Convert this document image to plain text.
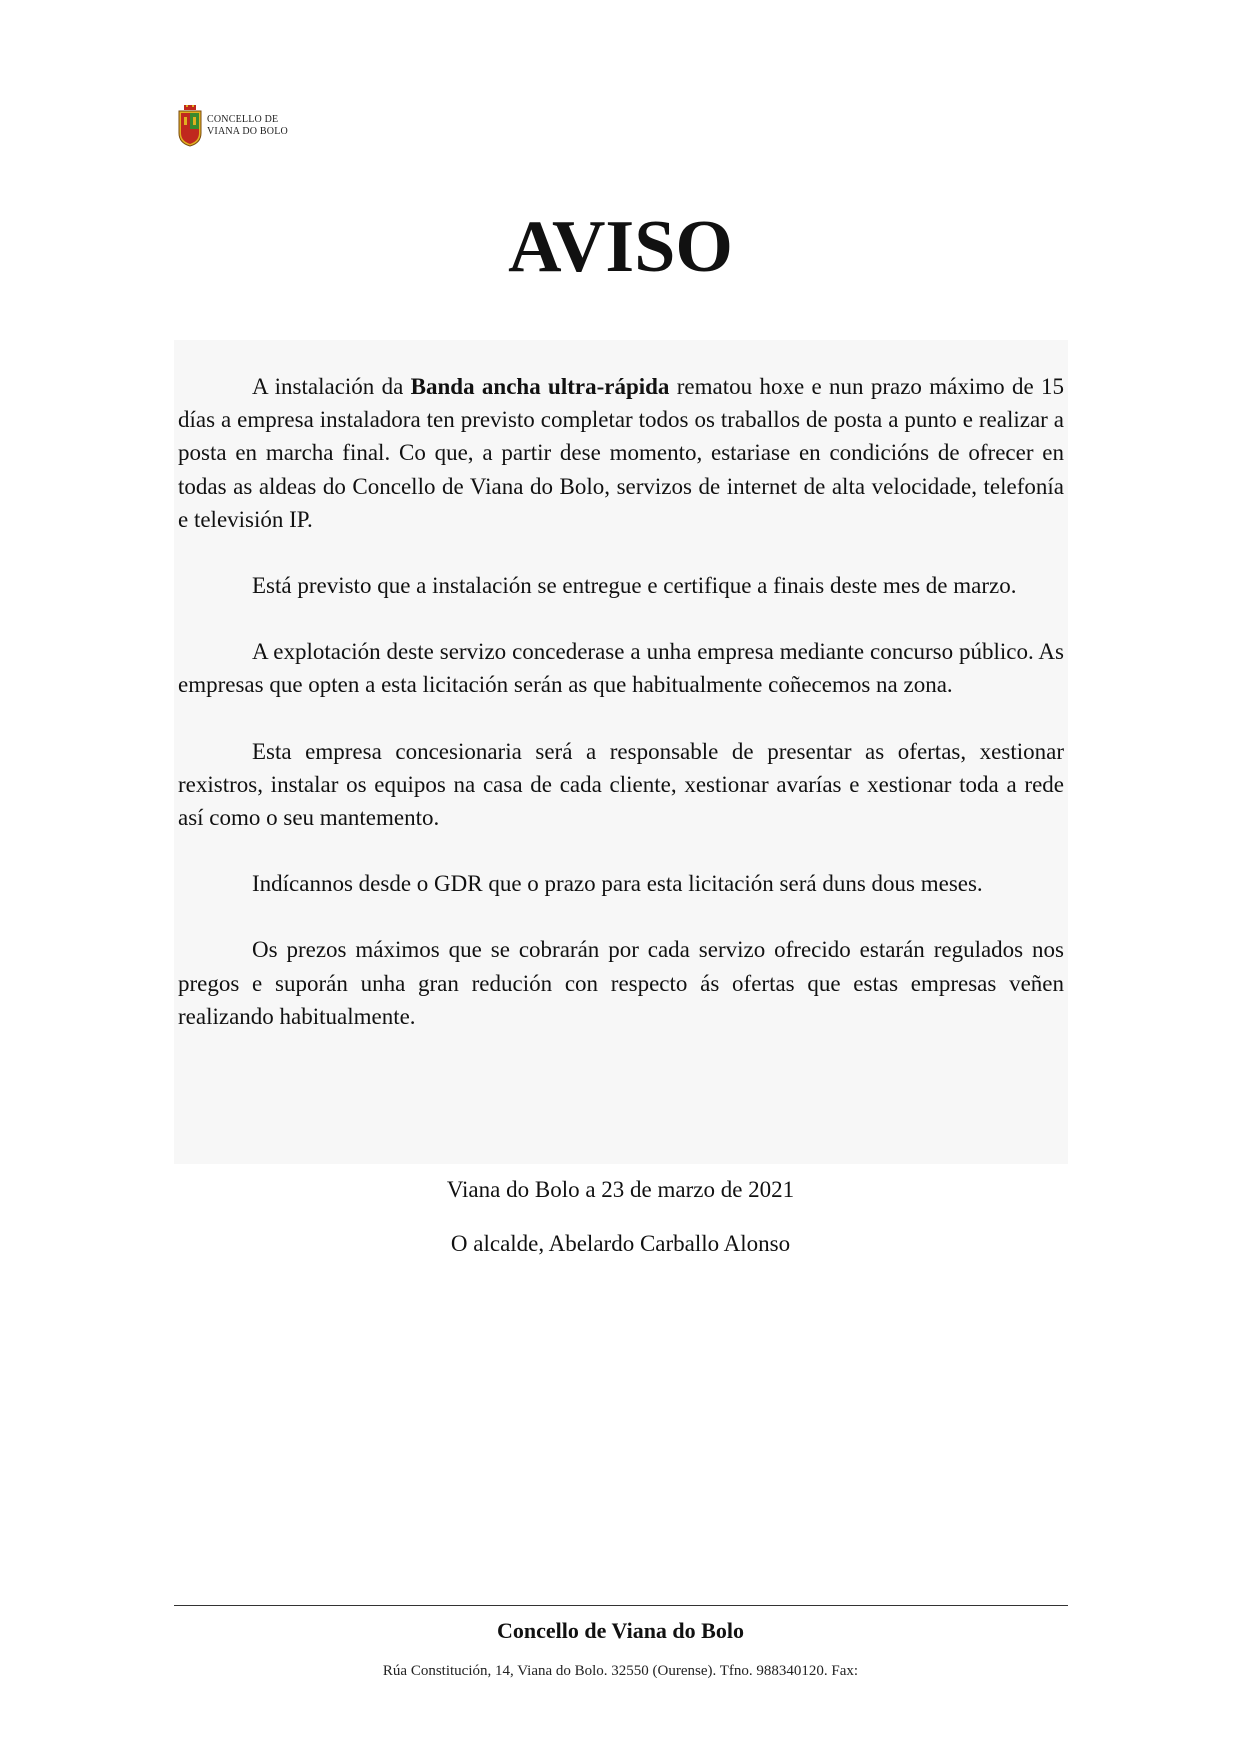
CONCELLO DE
VIANA DO BOLO
AVISO

A instalación da Banda ancha ultra-rápida rematou hoxe e nun prazo máximo de 15 días a empresa instaladora ten previsto completar todos os traballos de posta a punto e realizar a posta en marcha final. Co que, a partir dese momento, estariase en condicións de ofrecer en todas as aldeas do Concello de Viana do Bolo, servizos de internet de alta velocidade, telefonía e televisión IP.

Está previsto que a instalación se entregue e certifique a finais deste mes de marzo.

A explotación deste servizo concederase a unha empresa mediante concurso público. As empresas que opten a esta licitación serán as que habitualmente coñecemos na zona.

Esta empresa concesionaria será a responsable de presentar as ofertas, xestionar rexistros, instalar os equipos na casa de cada cliente, xestionar avarías e xestionar toda a rede así como o seu mantemento.

Indícannos desde o GDR que o prazo para esta licitación será duns dous meses.

Os prezos máximos que se cobrarán por cada servizo ofrecido estarán regulados nos pregos e suporán unha gran redución con respecto ás ofertas que estas empresas veñen realizando habitualmente.

Viana do Bolo a 23 de marzo de 2021

O alcalde, Abelardo Carballo Alonso

Concello de Viana do Bolo

Rúa Constitución, 14, Viana do Bolo. 32550 (Ourense). Tfno. 988340120. Fax:
